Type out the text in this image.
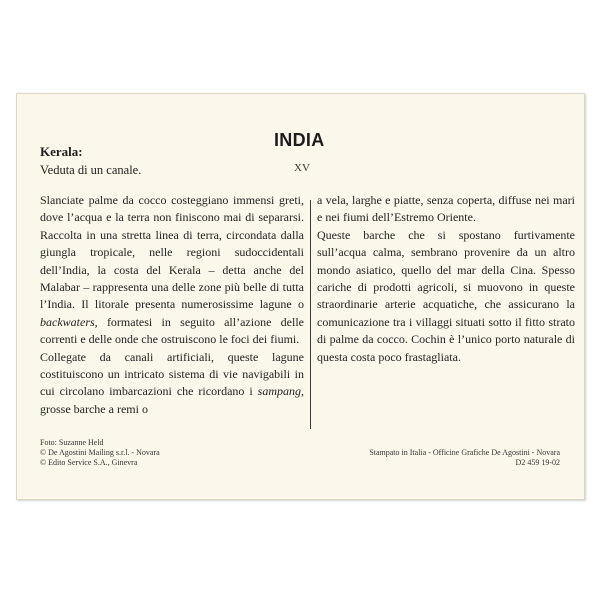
INDIA
XV
Kerala:
Veduta di un canale.

Slanciate palme da cocco costeggiano immensi greti, dove l’acqua e la terra non finiscono mai di separarsi. Raccolta in una stretta linea di terra, circondata dalla giungla tropicale, nelle regioni sudoccidentali dell’India, la costa del Kerala – detta anche del Malabar – rappresenta una delle zone più belle di tutta l’India. Il litorale presenta numerosissime lagune o backwaters, formatesi in seguito all’azione delle correnti e delle onde che ostruiscono le foci dei fiumi.

Collegate da canali artificiali, queste lagune costituiscono un intricato sistema di vie navigabili in cui circolano imbarcazioni che ricordano i sampang, grosse barche a remi o

a vela, larghe e piatte, senza coperta, diffuse nei mari e nei fiumi dell’Estremo Oriente.

Queste barche che si spostano furtivamente sull’acqua calma, sembrano provenire da un altro mondo asiatico, quello del mar della Cina. Spesso cariche di prodotti agricoli, si muovono in queste straordinarie arterie acquatiche, che assicurano la comunicazione tra i villaggi situati sotto il fitto strato di palme da cocco. Cochin è l’unico porto naturale di questa costa poco frastagliata.

Foto: Suzanne Held
© De Agostini Mailing s.r.l. - Novara
© Edito Service S.A., Ginevra
Stampato in Italia - Officine Grafiche De Agostini - Novara
D2 459 19-02
